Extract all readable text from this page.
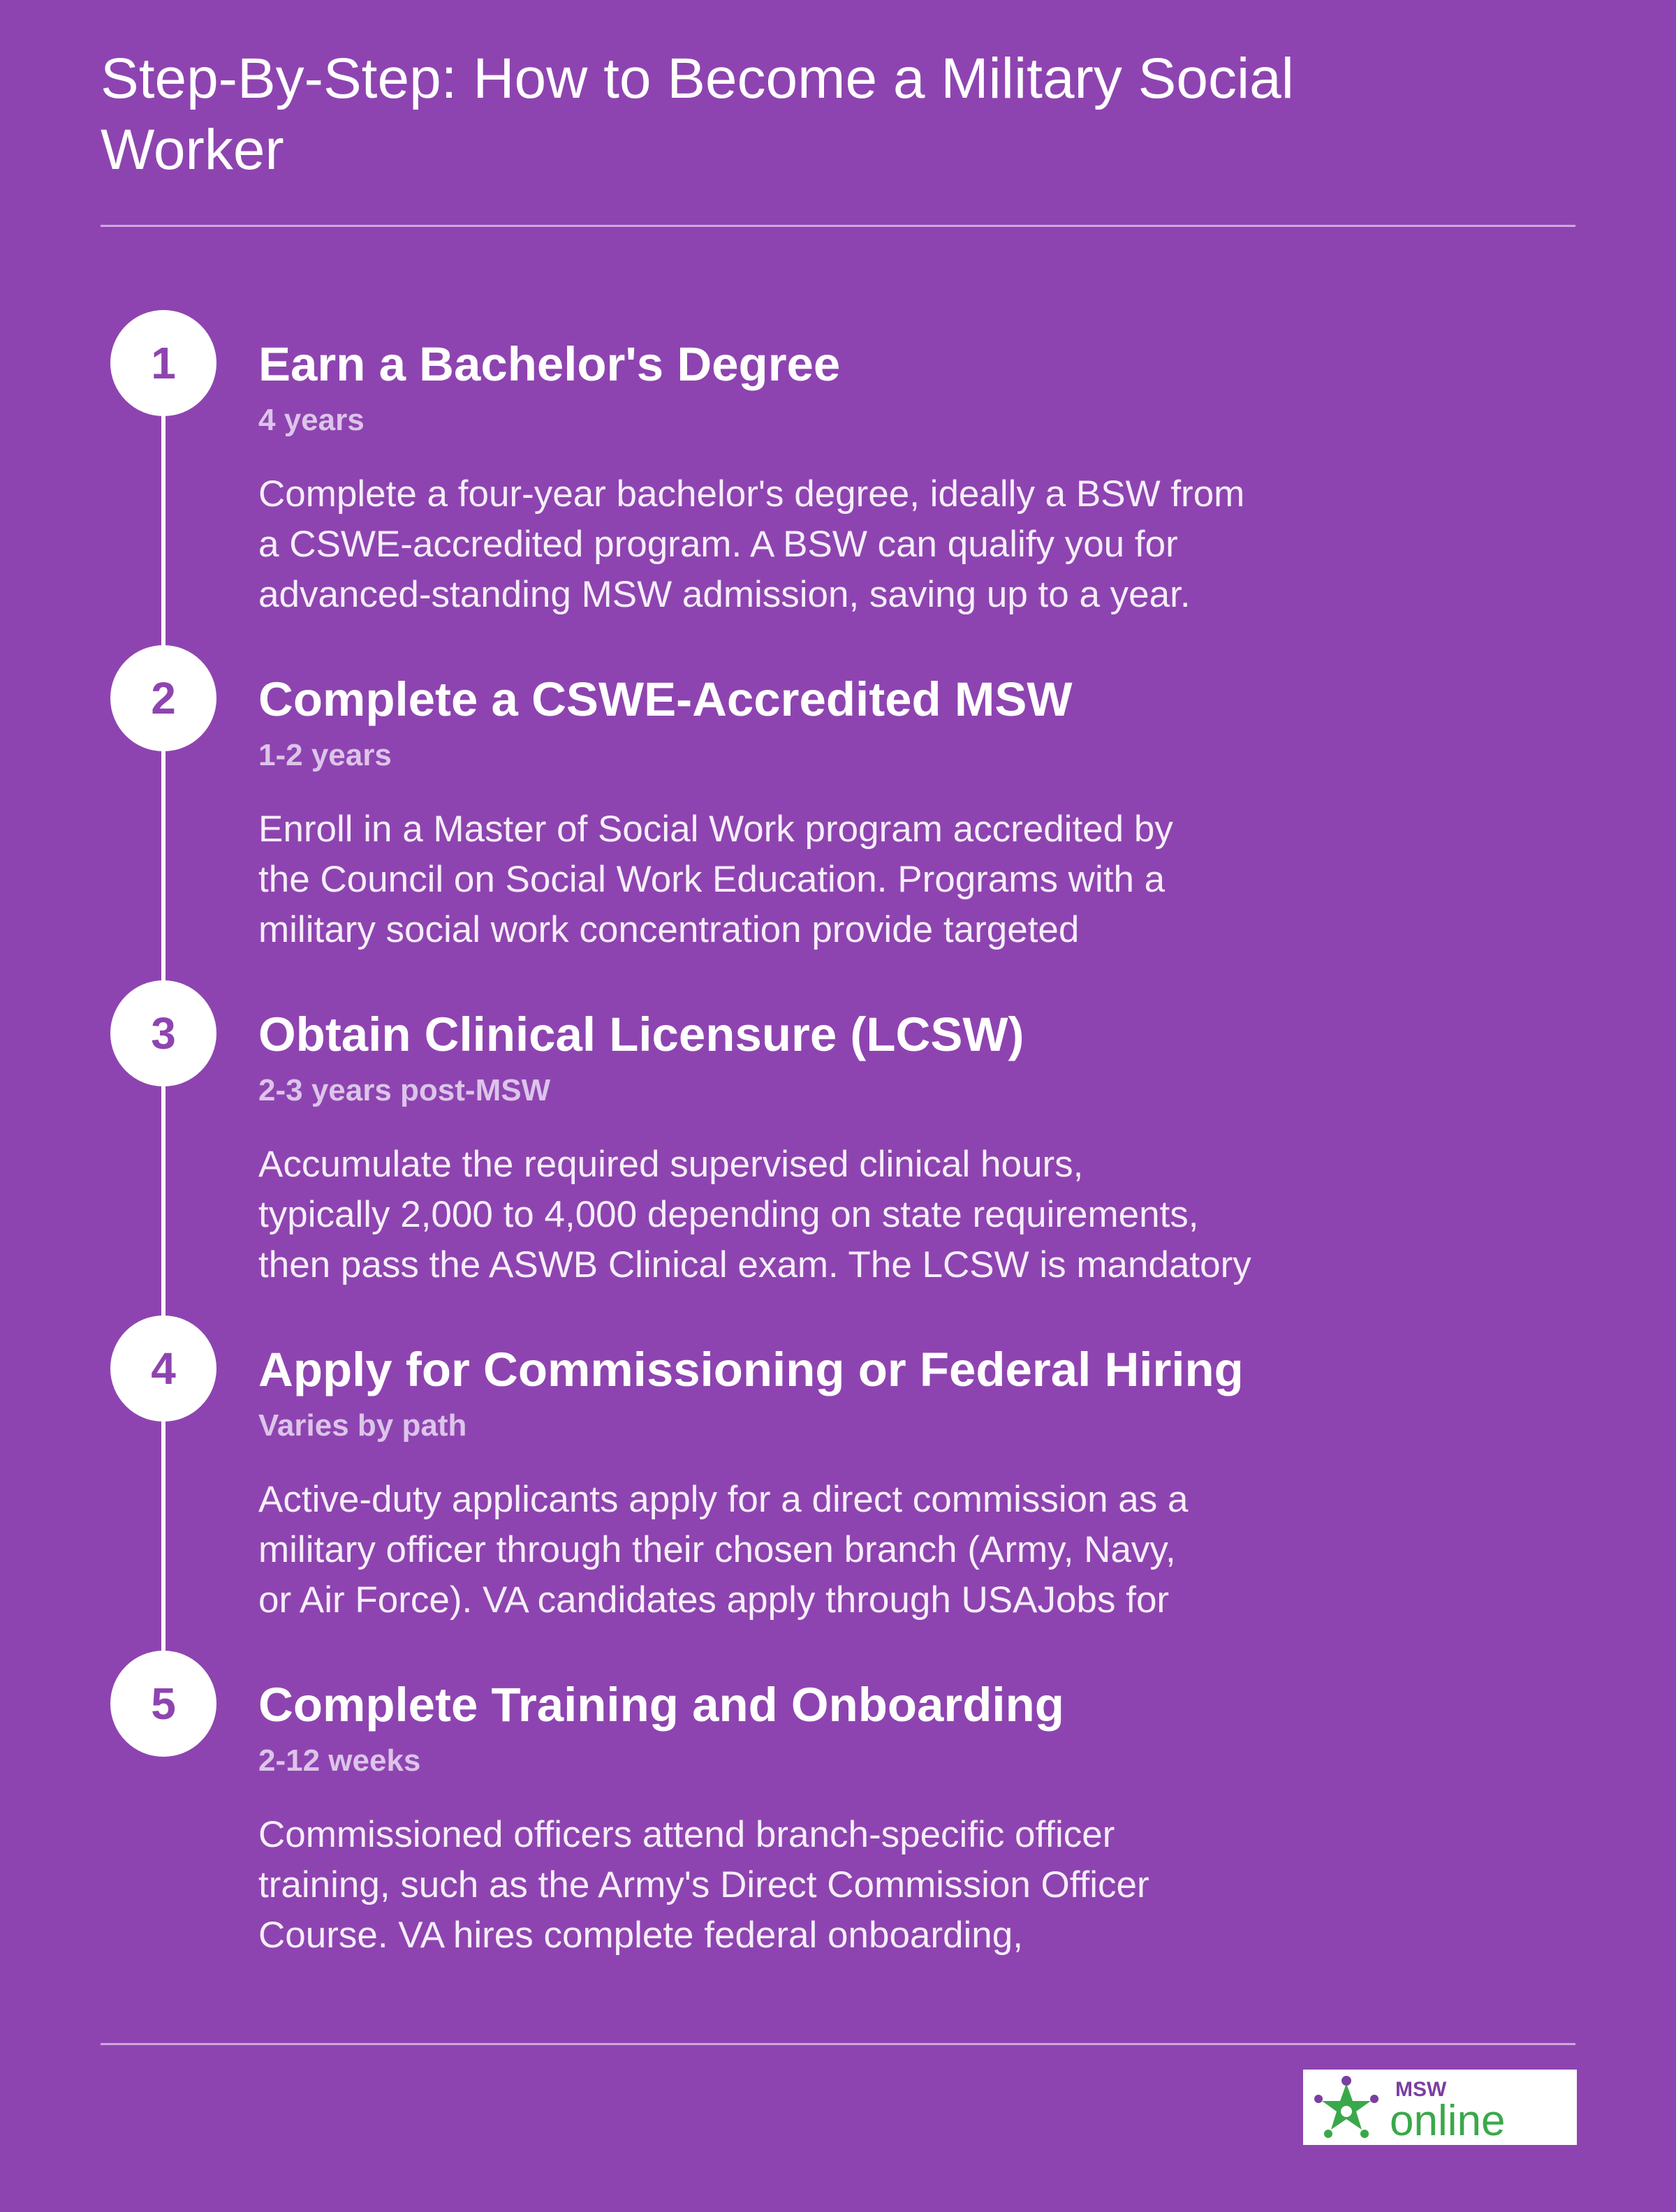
Step-By-Step: How to Become a Military Social Worker
1	Earn a Bachelor's Degree
4 years
Complete a four-year bachelor's degree, ideally a BSW from
a CSWE-accredited program. A BSW can qualify you for
advanced-standing MSW admission, saving up to a year.
2	Complete a CSWE-Accredited MSW
1-2 years
Enroll in a Master of Social Work program accredited by
the Council on Social Work Education. Programs with a
military social work concentration provide targeted
3	Obtain Clinical Licensure (LCSW)
2-3 years post-MSW
Accumulate the required supervised clinical hours,
typically 2,000 to 4,000 depending on state requirements,
then pass the ASWB Clinical exam. The LCSW is mandatory
4	Apply for Commissioning or Federal Hiring
Varies by path
Active-duty applicants apply for a direct commission as a
military officer through their chosen branch (Army, Navy,
or Air Force). VA candidates apply through USAJobs for
5	Complete Training and Onboarding
2-12 weeks
Commissioned officers attend branch-specific officer
training, such as the Army's Direct Commission Officer
Course. VA hires complete federal onboarding,
MSW
online
